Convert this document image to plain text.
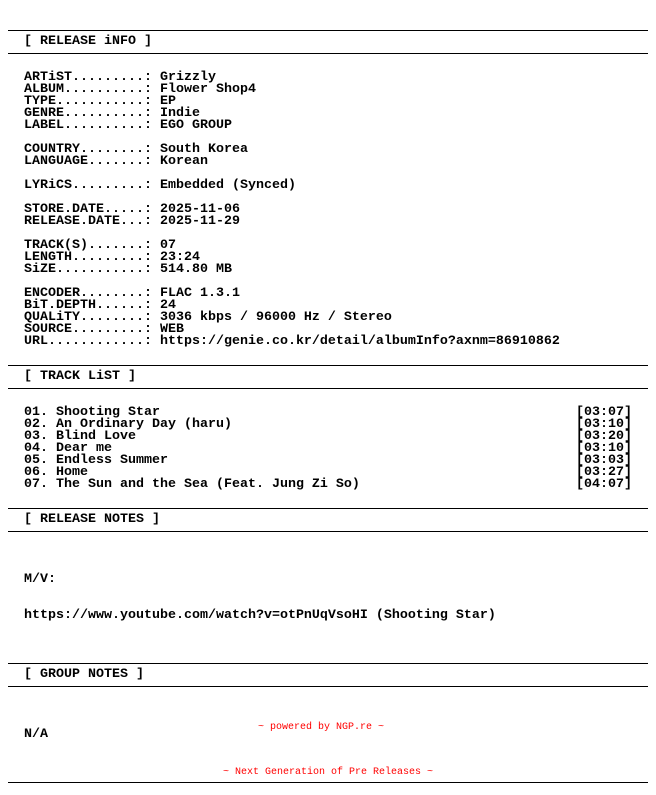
[ RELEASE iNFO ]
ARTiST.........: Grizzly
ALBUM..........: Flower Shop4
TYPE...........: EP
GENRE..........: Indie
LABEL..........: EGO GROUP
COUNTRY........: South Korea
LANGUAGE.......: Korean
LYRiCS.........: Embedded (Synced)
STORE.DATE.....: 2025-11-06
RELEASE.DATE...: 2025-11-29
TRACK(S).......: 07
LENGTH.........: 23:24
SiZE...........: 514.80 MB
ENCODER........: FLAC 1.3.1
BiT.DEPTH......: 24
QUALiTY........: 3036 kbps / 96000 Hz / Stereo
SOURCE.........: WEB
URL............: https://genie.co.kr/detail/albumInfo?axnm=86910862
[ TRACK LiST ]
01. Shooting Star	[03:07]
02. An Ordinary Day (haru)	[03:10]
03. Blind Love	[03:20]
04. Dear me	[03:10]
05. Endless Summer	[03:03]
06. Home	[03:27]
07. The Sun and the Sea (Feat. Jung Zi So)	[04:07]
[ RELEASE NOTES ]

M/V:

https://www.youtube.com/watch?v=otPnUqVsoHI (Shooting Star)

[ GROUP NOTES ]

N/A

	~ powered by NGP.re ~

~ Next Generation of Pre Releases ~
